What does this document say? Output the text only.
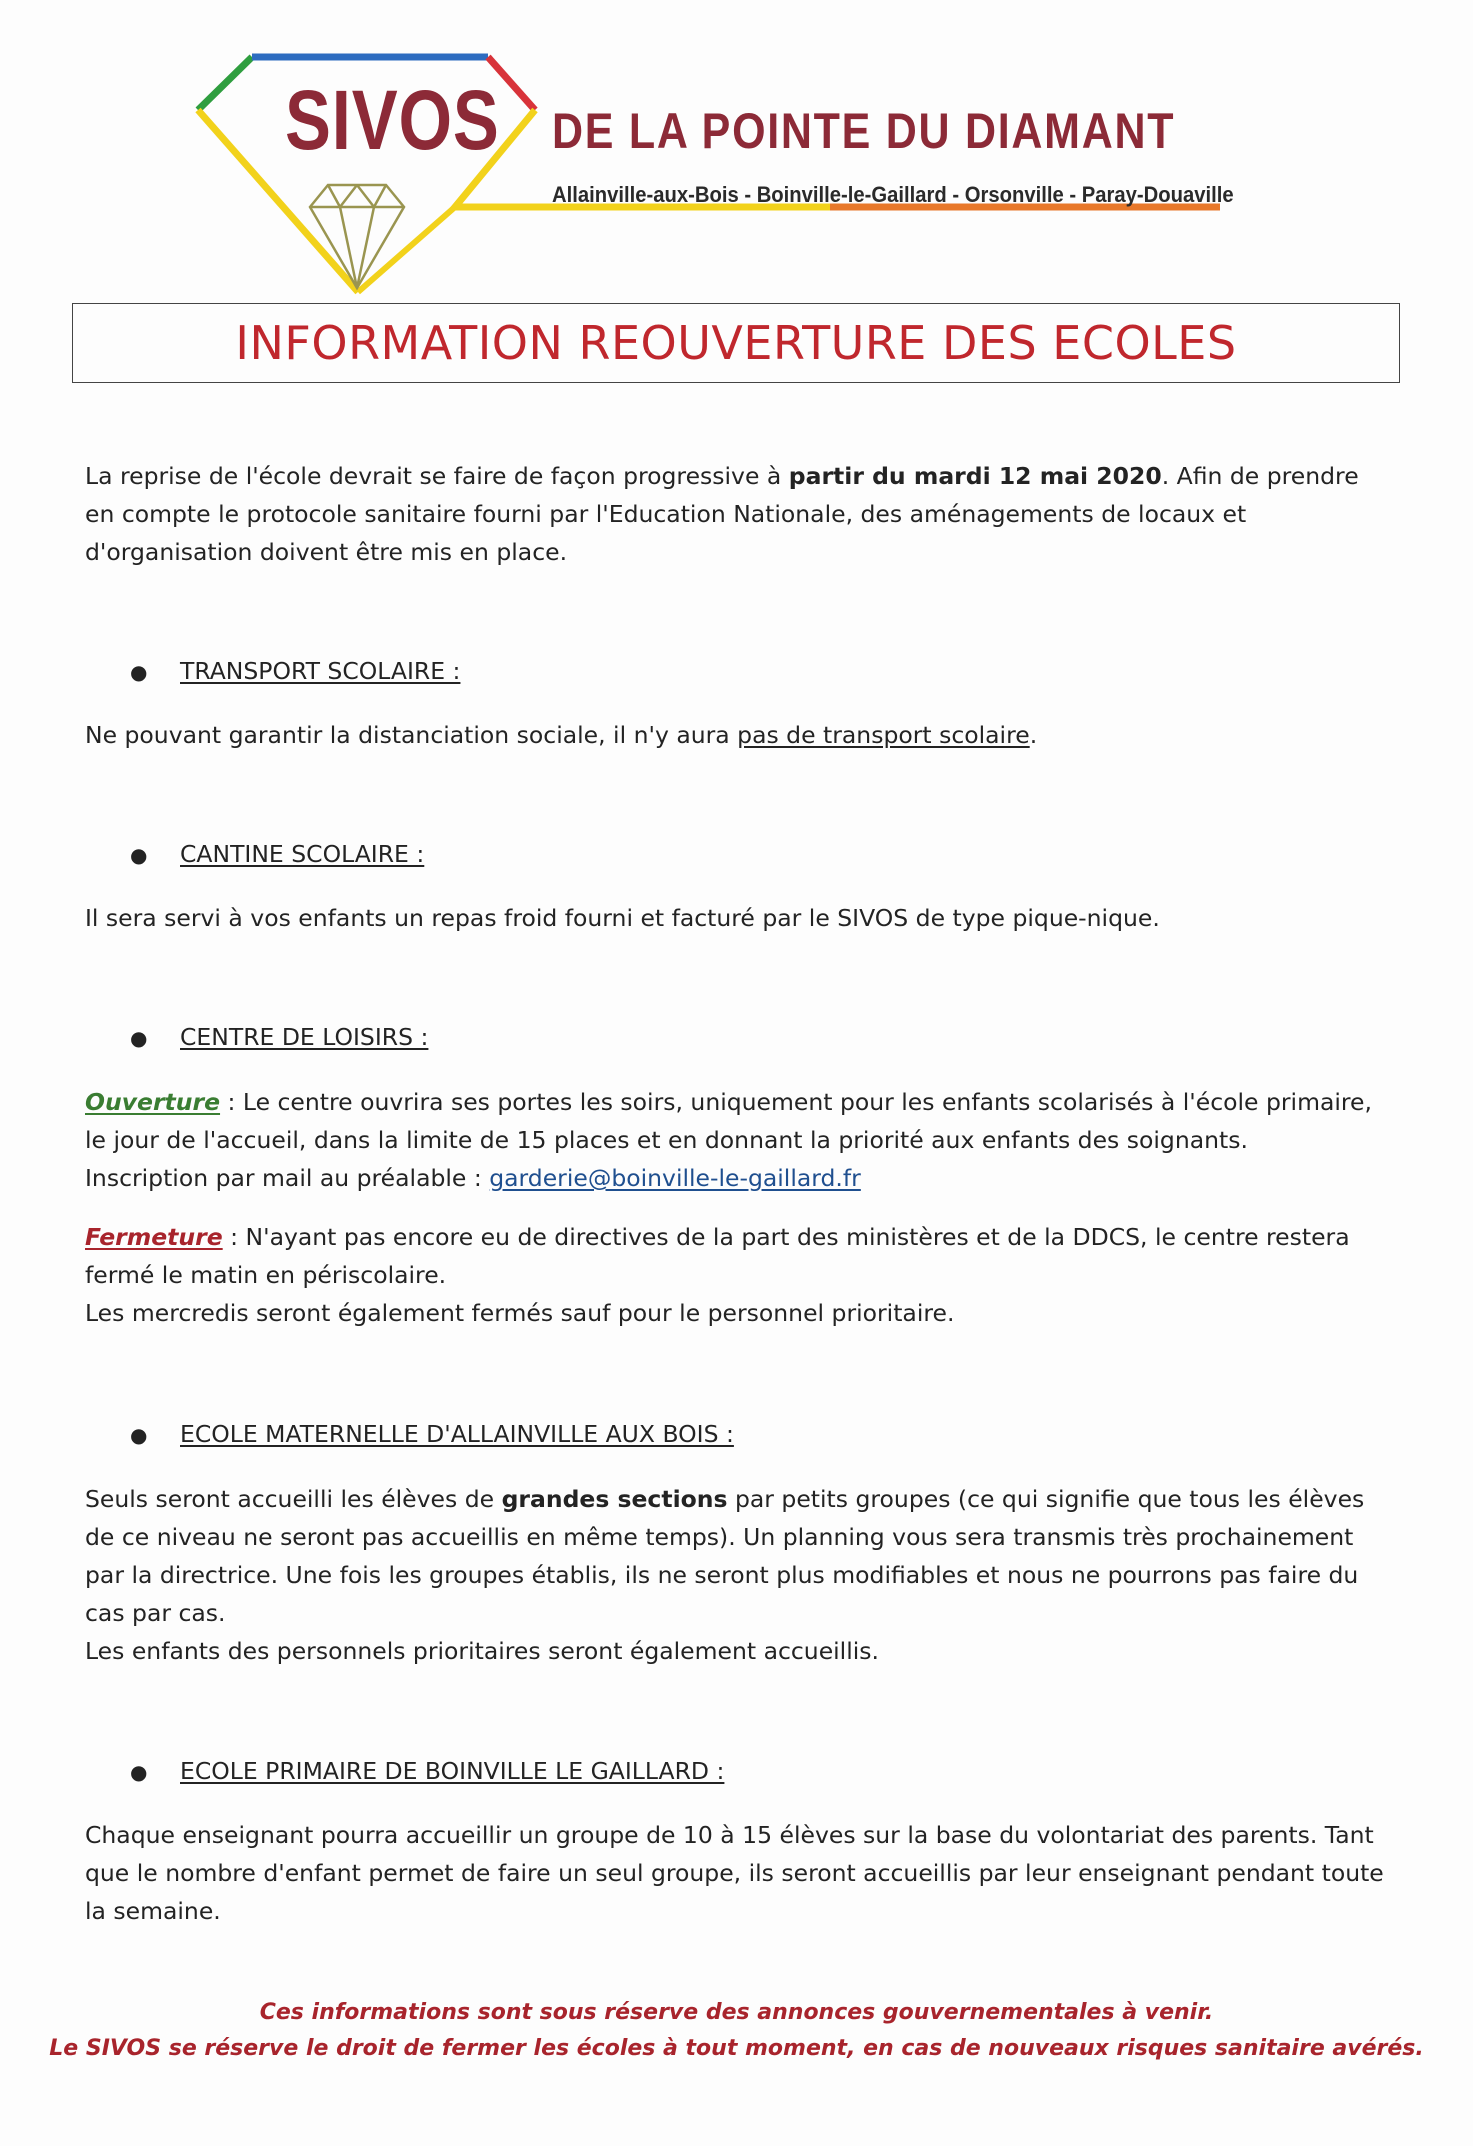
SIVOS DE LA POINTE DU DIAMANT
Allainville-aux-Bois - Boinville-le-Gaillard - Orsonville - Paray-Douaville
INFORMATION REOUVERTURE DES ECOLES
La reprise de l'école devrait se faire de façon progressive à partir du mardi 12 mai 2020. Afin de prendre en compte le protocole sanitaire fourni par l'Education Nationale, des aménagements de locaux et d'organisation doivent être mis en place.
● TRANSPORT SCOLAIRE :
Ne pouvant garantir la distanciation sociale, il n'y aura pas de transport scolaire.
● CANTINE SCOLAIRE :
Il sera servi à vos enfants un repas froid fourni et facturé par le SIVOS de type pique-nique.
● CENTRE DE LOISIRS :
Ouverture : Le centre ouvrira ses portes les soirs, uniquement pour les enfants scolarisés à l'école primaire, le jour de l'accueil, dans la limite de 15 places et en donnant la priorité aux enfants des soignants.
Inscription par mail au préalable : garderie@boinville-le-gaillard.fr
Fermeture : N'ayant pas encore eu de directives de la part des ministères et de la DDCS, le centre restera fermé le matin en périscolaire.
Les mercredis seront également fermés sauf pour le personnel prioritaire.
● ECOLE MATERNELLE D'ALLAINVILLE AUX BOIS :
Seuls seront accueilli les élèves de grandes sections par petits groupes (ce qui signifie que tous les élèves de ce niveau ne seront pas accueillis en même temps). Un planning vous sera transmis très prochainement par la directrice. Une fois les groupes établis, ils ne seront plus modifiables et nous ne pourrons pas faire du cas par cas.
Les enfants des personnels prioritaires seront également accueillis.
● ECOLE PRIMAIRE DE BOINVILLE LE GAILLARD :
Chaque enseignant pourra accueillir un groupe de 10 à 15 élèves sur la base du volontariat des parents. Tant que le nombre d'enfant permet de faire un seul groupe, ils seront accueillis par leur enseignant pendant toute la semaine.
Ces informations sont sous réserve des annonces gouvernementales à venir.
Le SIVOS se réserve le droit de fermer les écoles à tout moment, en cas de nouveaux risques sanitaire avérés.
